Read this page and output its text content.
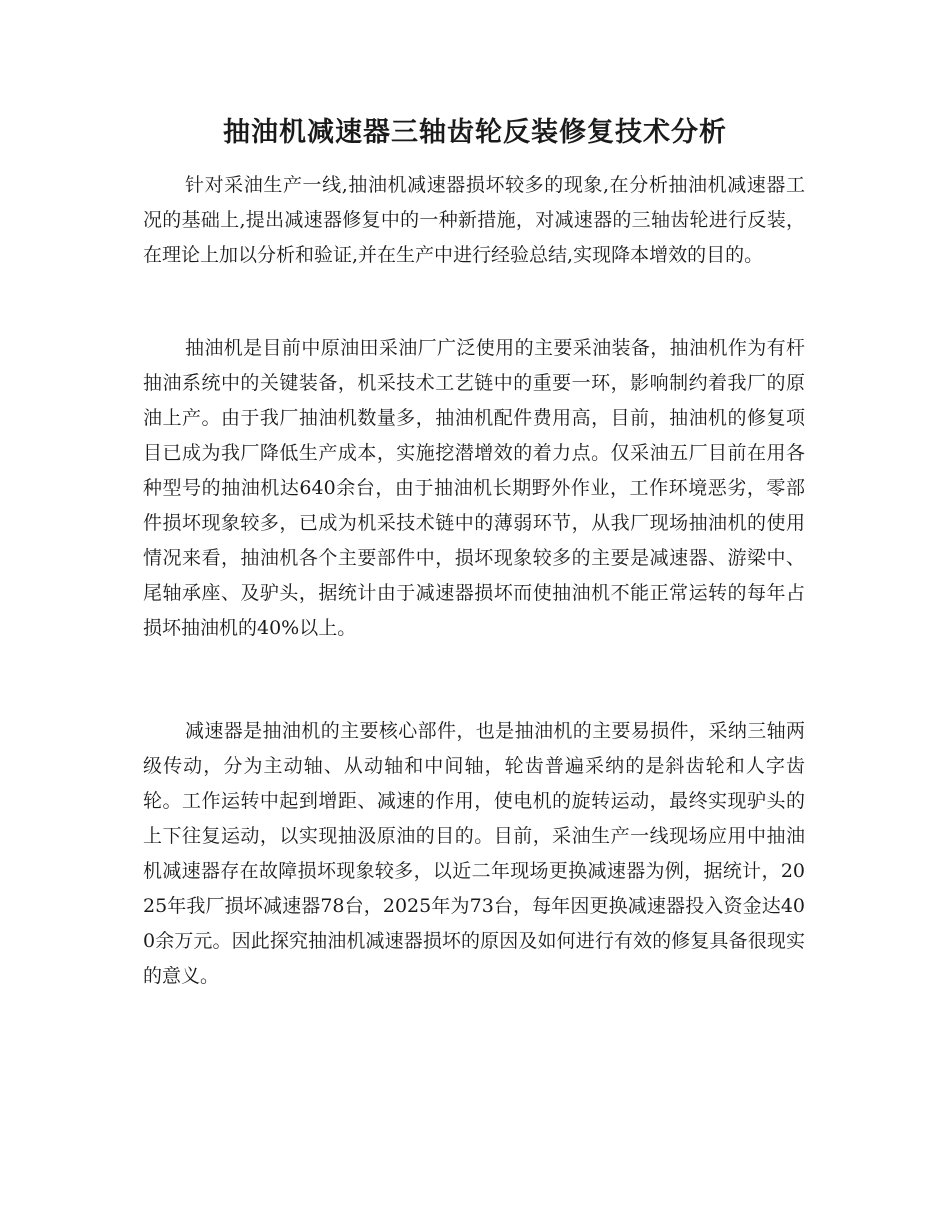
抽油机减速器三轴齿轮反装修复技术分析

针对采油生产一线,抽油机减速器损坏较多的现象,在分析抽油机减速器工况的基础上,提出减速器修复中的一种新措施，对减速器的三轴齿轮进行反装，在理论上加以分析和验证,并在生产中进行经验总结,实现降本增效的目的。

抽油机是目前中原油田采油厂广泛使用的主要采油装备，抽油机作为有杆抽油系统中的关键装备，机采技术工艺链中的重要一环，影响制约着我厂的原油上产。由于我厂抽油机数量多，抽油机配件费用高，目前，抽油机的修复项目已成为我厂降低生产成本，实施挖潜增效的着力点。仅采油五厂目前在用各种型号的抽油机达640余台，由于抽油机长期野外作业，工作环境恶劣，零部件损坏现象较多，已成为机采技术链中的薄弱环节，从我厂现场抽油机的使用情况来看，抽油机各个主要部件中，损坏现象较多的主要是减速器、游梁中、尾轴承座、及驴头，据统计由于减速器损坏而使抽油机不能正常运转的每年占损坏抽油机的40%以上。

减速器是抽油机的主要核心部件，也是抽油机的主要易损件，采纳三轴两级传动，分为主动轴、从动轴和中间轴，轮齿普遍采纳的是斜齿轮和人字齿轮。工作运转中起到增距、减速的作用，使电机的旋转运动，最终实现驴头的上下往复运动，以实现抽汲原油的目的。目前，采油生产一线现场应用中抽油机减速器存在故障损坏现象较多，以近二年现场更换减速器为例，据统计，2025年我厂损坏减速器78台，2025年为73台，每年因更换减速器投入资金达400余万元。因此探究抽油机减速器损坏的原因及如何进行有效的修复具备很现实的意义。
